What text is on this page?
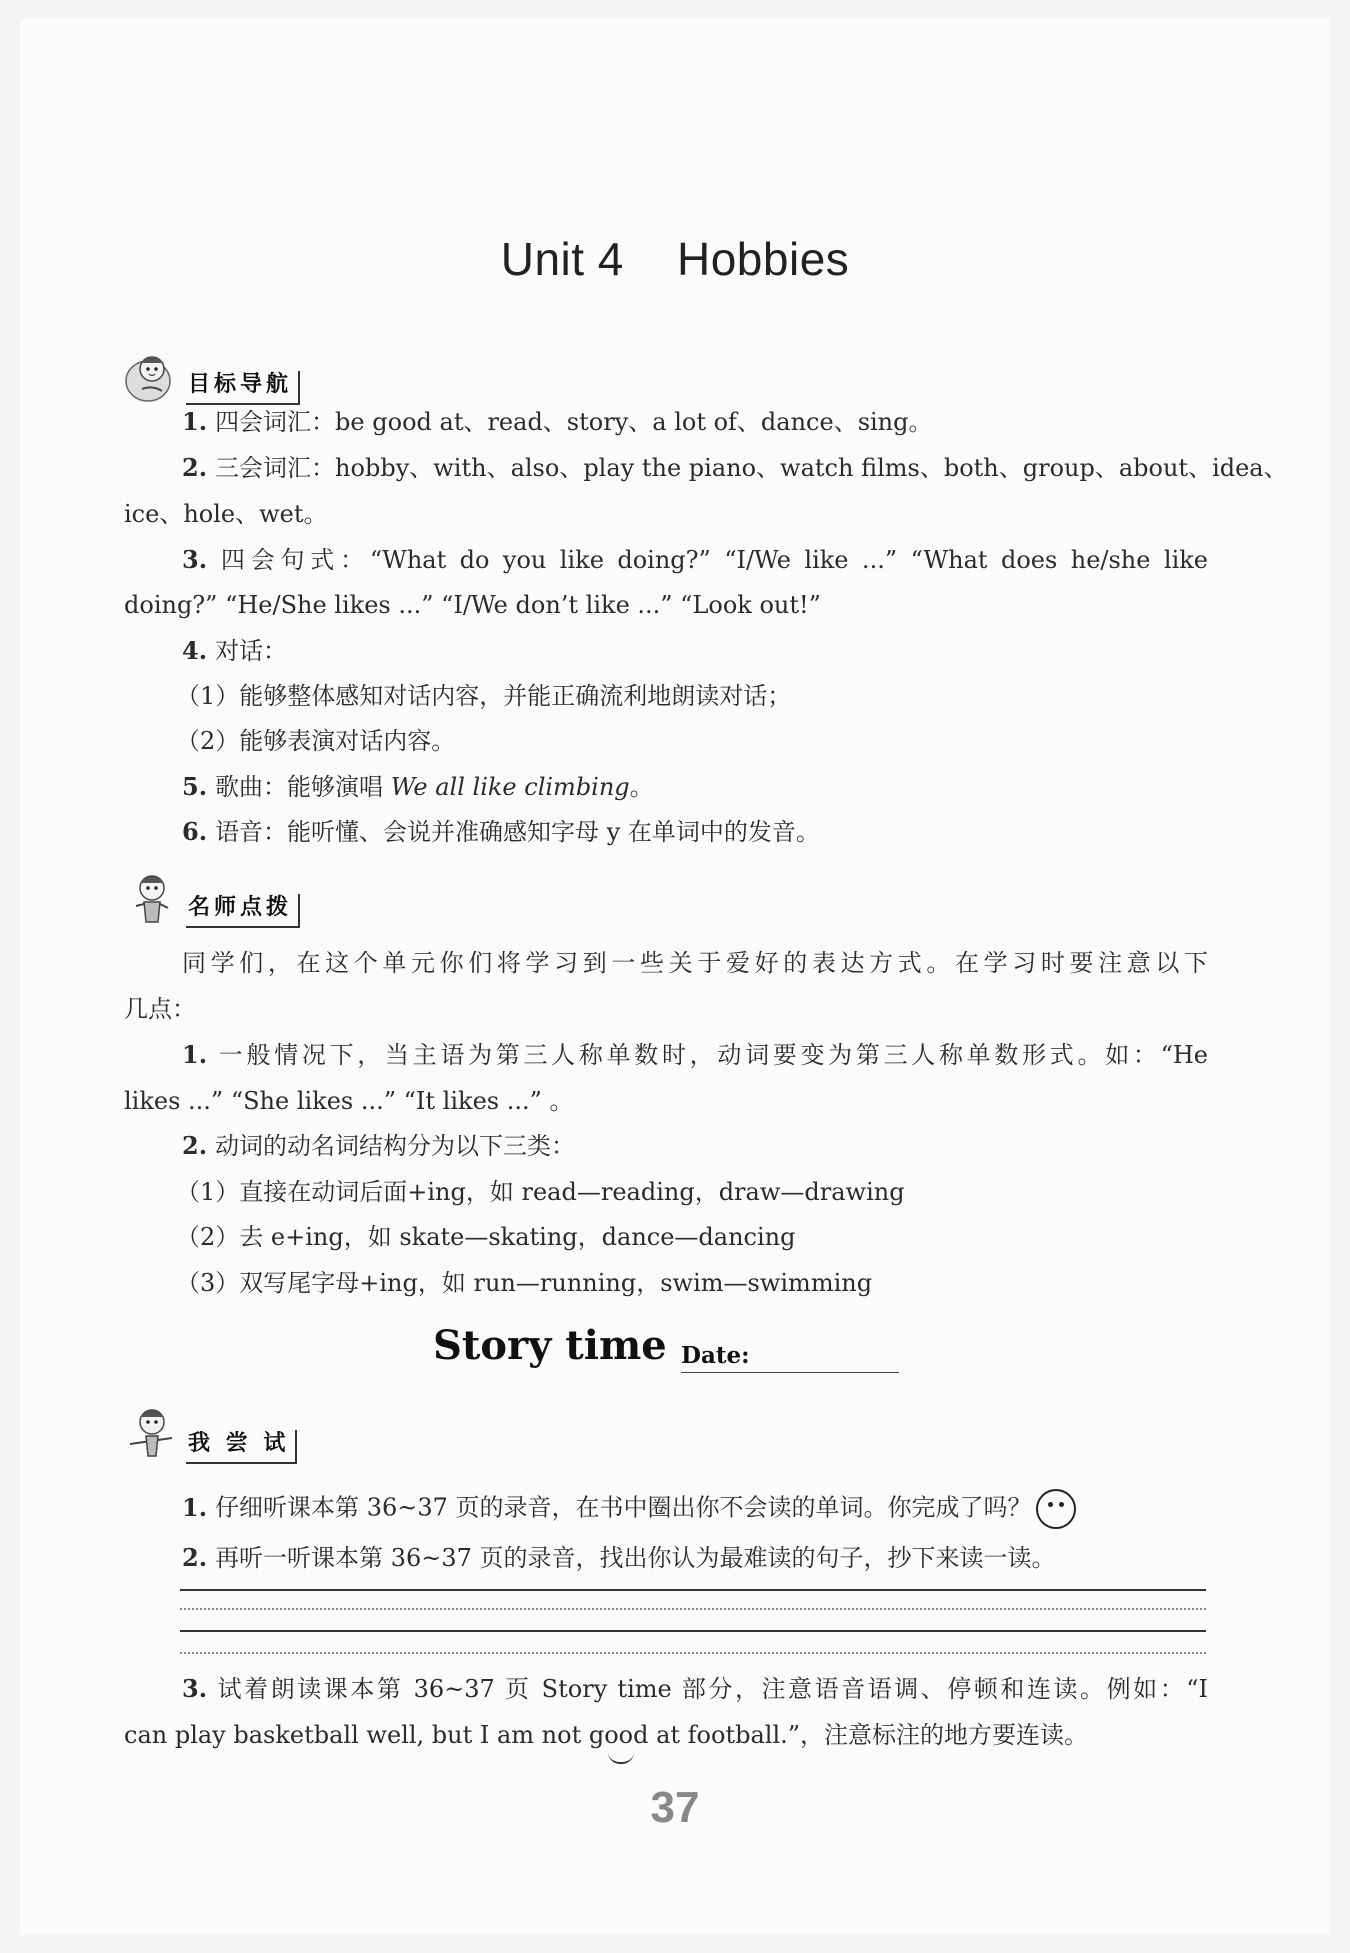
Unit 4    Hobbies
目标导航
1. 四会词汇：be good at、read、story、a lot of、dance、sing。
2. 三会词汇：hobby、with、also、play the piano、watch films、both、group、about、idea、
ice、hole、wet。
3. 四会句式：“What do you like doing?” “I/We like ...” “What does he/she like
doing?” “He/She likes ...” “I/We don’t like ...” “Look out!”
4. 对话：
（1）能够整体感知对话内容，并能正确流利地朗读对话；
（2）能够表演对话内容。
5. 歌曲：能够演唱 We all like climbing。
6. 语音：能听懂、会说并准确感知字母 y 在单词中的发音。
名师点拨
同学们，在这个单元你们将学习到一些关于爱好的表达方式。在学习时要注意以下
几点：
1. 一般情况下，当主语为第三人称单数时，动词要变为第三人称单数形式。如：“He
likes ...” “She likes ...” “It likes ...” 。
2. 动词的动名词结构分为以下三类：
（1）直接在动词后面+ing，如 read—reading，draw—drawing
（2）去 e+ing，如 skate—skating，dance—dancing
（3）双写尾字母+ing，如 run—running，swim—swimming
Story time Date:
我 尝 试
1. 仔细听课本第 36~37 页的录音，在书中圈出你不会读的单词。你完成了吗？
2. 再听一听课本第 36~37 页的录音，找出你认为最难读的句子，抄下来读一读。
3. 试着朗读课本第 36~37 页 Story time 部分，注意语音语调、停顿和连读。例如：“I
can play basketball well, but I am not good at football.”，注意标注的地方要连读。
37
